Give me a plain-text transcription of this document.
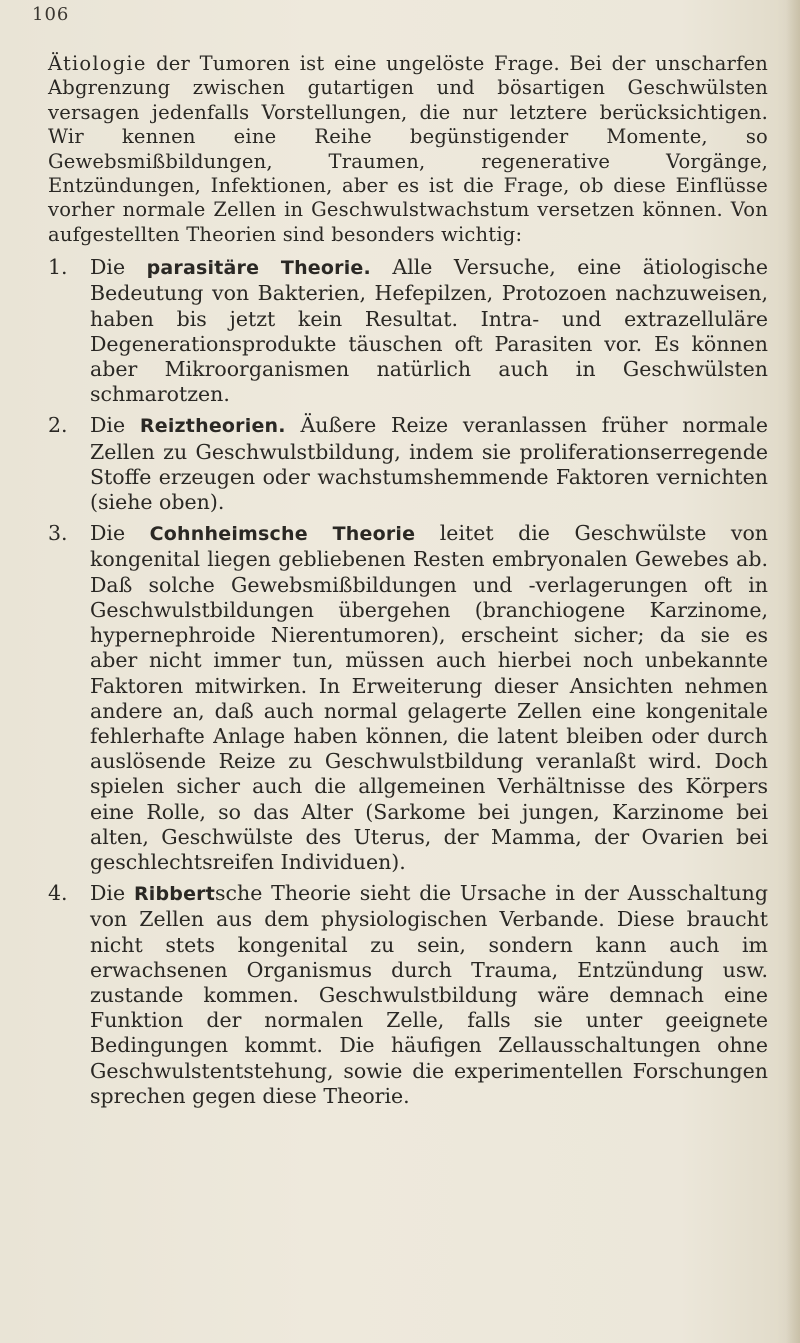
106

Ätiologie der Tumoren ist eine ungelöste Frage. Bei der unscharfen Abgrenzung zwischen gutartigen und bösartigen Geschwülsten versagen jedenfalls Vorstellungen, die nur letztere berücksichtigen. Wir kennen eine Reihe begünstigender Momente, so Gewebsmißbildungen, Traumen, regenerative Vorgänge, Entzündungen, Infektionen, aber es ist die Frage, ob diese Einflüsse vorher normale Zellen in Geschwulstwachstum versetzen können. Von aufgestellten Theorien sind besonders wichtig:

1. Die parasitäre Theorie. Alle Versuche, eine ätiologische Bedeutung von Bakterien, Hefepilzen, Protozoen nachzuweisen, haben bis jetzt kein Resultat. Intra- und extrazelluläre Degenerationsprodukte täuschen oft Parasiten vor. Es können aber Mikroorganismen natürlich auch in Geschwülsten schmarotzen.
2. Die Reiztheorien. Äußere Reize veranlassen früher normale Zellen zu Geschwulstbildung, indem sie proliferationserregende Stoffe erzeugen oder wachstumshemmende Faktoren vernichten (siehe oben).
3. Die Cohnheimsche Theorie leitet die Geschwülste von kongenital liegen gebliebenen Resten embryonalen Gewebes ab. Daß solche Gewebsmißbildungen und -verlagerungen oft in Geschwulstbildungen übergehen (branchiogene Karzinome, hypernephroide Nierentumoren), erscheint sicher; da sie es aber nicht immer tun, müssen auch hierbei noch unbekannte Faktoren mitwirken. In Erweiterung dieser Ansichten nehmen andere an, daß auch normal gelagerte Zellen eine kongenitale fehlerhafte Anlage haben können, die latent bleiben oder durch auslösende Reize zu Geschwulstbildung veranlaßt wird. Doch spielen sicher auch die allgemeinen Verhältnisse des Körpers eine Rolle, so das Alter (Sarkome bei jungen, Karzinome bei alten, Geschwülste des Uterus, der Mamma, der Ovarien bei geschlechtsreifen Individuen).
4. Die Ribbertsche Theorie sieht die Ursache in der Ausschaltung von Zellen aus dem physiologischen Verbande. Diese braucht nicht stets kongenital zu sein, sondern kann auch im erwachsenen Organismus durch Trauma, Entzündung usw. zustande kommen. Geschwulstbildung wäre demnach eine Funktion der normalen Zelle, falls sie unter geeignete Bedingungen kommt. Die häufigen Zellausschaltungen ohne Geschwulstentstehung, sowie die experimentellen Forschungen sprechen gegen diese Theorie.
